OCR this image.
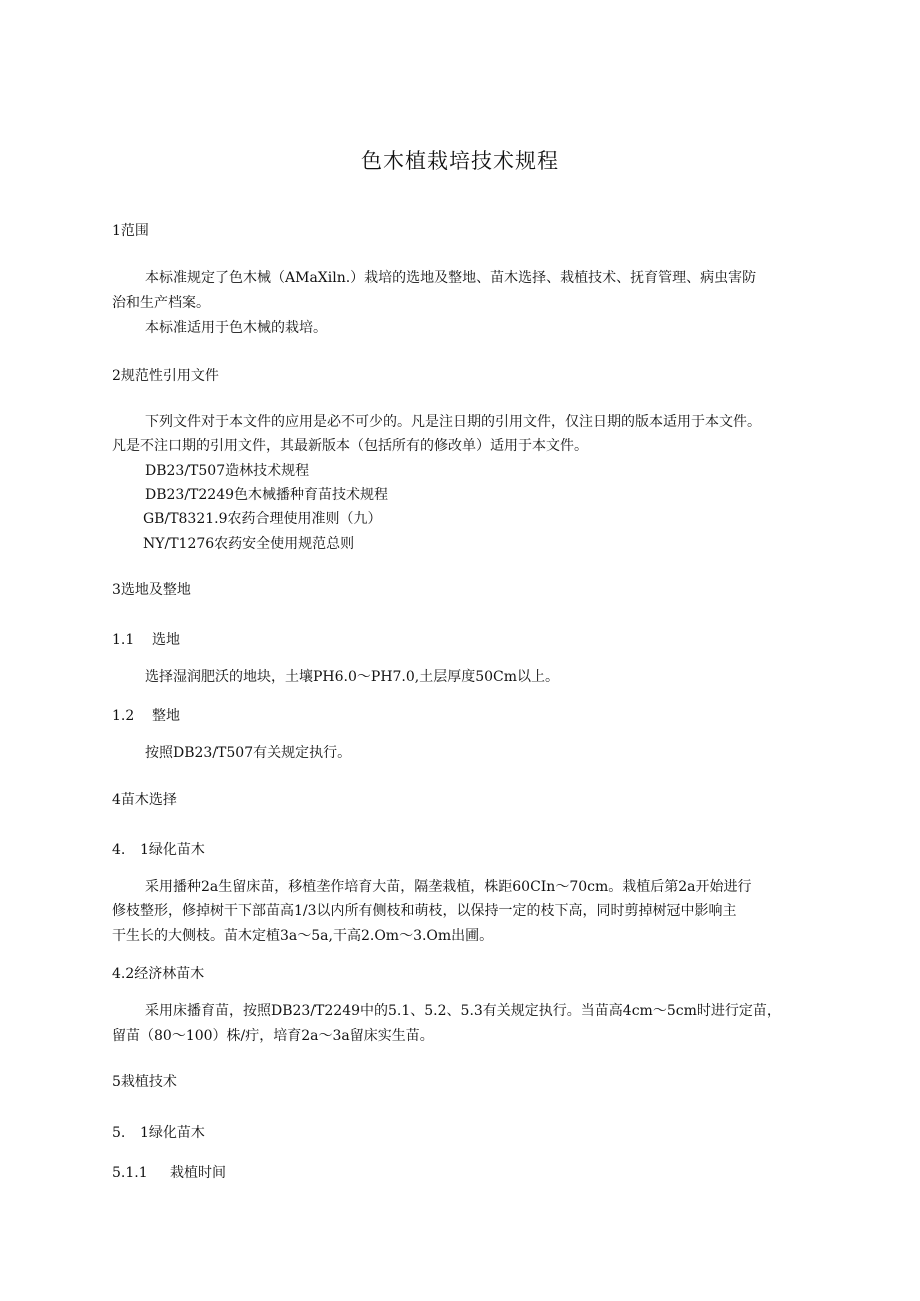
色木植栽培技术规程
1范围
本标准规定了色木械（AMaXiln.）栽培的选地及整地、苗木选择、栽植技术、抚育管理、病虫害防
治和生产档案。
本标准适用于色木械的栽培。
2规范性引用文件
下列文件对于本文件的应用是必不可少的。凡是注日期的引用文件，仅注日期的版本适用于本文件。
凡是不注口期的引用文件，其最新版本（包括所有的修改单）适用于本文件。
DB23/T507造林技术规程
DB23/T2249色木械播种育苗技术规程
GB/T8321.9农药合理使用准则（九）
NY/T1276农药安全使用规范总则
3选地及整地
1.1 选地
选择湿润肥沃的地块，土壤PH6.0～PH7.0,土层厚度50Cm以上。
1.2 整地
按照DB23/T507有关规定执行。
4苗木选择
4. 1绿化苗木
采用播种2a生留床苗，移植垄作培育大苗，隔垄栽植，株距60CIn～70cm。栽植后第2a开始进行
修枝整形，修掉树干下部苗高1/3以内所有侧枝和萌枝，以保持一定的枝下高，同时剪掉树冠中影响主
干生长的大侧枝。苗木定植3a～5a,干高2.Om～3.Om出圃。
4.2经济林苗木
采用床播育苗，按照DB23/T2249中的5.1、5.2、5.3有关规定执行。当苗高4cm～5cm时进行定苗，
留苗（80～100）株/疔，培育2a～3a留床实生苗。
5栽植技术
5. 1绿化苗木
5.1.1 栽植时间
